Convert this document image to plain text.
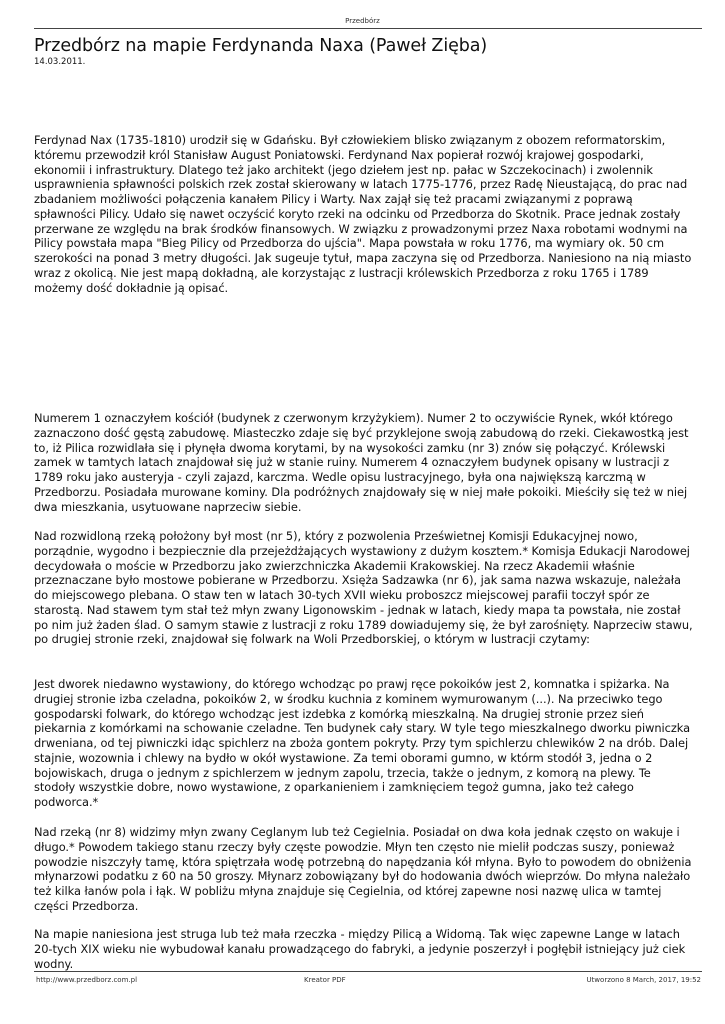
Przedbórz
Przedbórz na mapie Ferdynanda Naxa (Paweł Zięba)
14.03.2011.

Ferdynad Nax (1735-1810) urodził się w Gdańsku. Był człowiekiem blisko związanym z obozem reformatorskim, któremu przewodził król Stanisław August Poniatowski. Ferdynand Nax popierał rozwój krajowej gospodarki, ekonomii i infrastruktury. Dlatego też jako architekt (jego dziełem jest np. pałac w Szczekocinach) i zwolennik usprawnienia spławności polskich rzek został skierowany w latach 1775-1776, przez Radę Nieustającą, do prac nad zbadaniem możliwości połączenia kanałem Pilicy i Warty. Nax zajął się też pracami związanymi z poprawą spławności Pilicy. Udało się nawet oczyścić koryto rzeki na odcinku od Przedborza do Skotnik. Prace jednak zostały przerwane ze względu na brak środków finansowych. W związku z prowadzonymi przez Naxa robotami wodnymi na Pilicy powstała mapa "Bieg Pilicy od Przedborza do ujścia". Mapa powstała w roku 1776, ma wymiary ok. 50 cm szerokości na ponad 3 metry długości. Jak sugeuje tytuł, mapa zaczyna się od Przedborza. Naniesiono na nią miasto wraz z okolicą. Nie jest mapą dokładną, ale korzystając z lustracji królewskich Przedborza z roku 1765 i 1789 możemy dość dokładnie ją opisać.

Numerem 1 oznaczyłem kościół (budynek z czerwonym krzyżykiem). Numer 2 to oczywiście Rynek, wkół którego zaznaczono dość gęstą zabudowę. Miasteczko zdaje się być przyklejone swoją zabudową do rzeki. Ciekawostką jest to, iż Pilica rozwidlała się i płynęła dwoma korytami, by na wysokości zamku (nr 3) znów się połączyć. Królewski zamek w tamtych latach znajdował się już w stanie ruiny. Numerem 4 oznaczyłem budynek opisany w lustracji z 1789 roku jako austeryja - czyli zajazd, karczma. Wedle opisu lustracyjnego, była ona największą karczmą w Przedborzu. Posiadała murowane kominy. Dla podróżnych znajdowały się w niej małe pokoiki. Mieściły się też w niej dwa mieszkania, usytuowane naprzeciw siebie.

Nad rozwidloną rzeką położony był most (nr 5), który z pozwolenia Prześwietnej Komisji Edukacyjnej nowo, porządnie, wygodno i bezpiecznie dla przejeżdżających wystawiony z dużym kosztem.* Komisja Edukacji Narodowej decydowała o moście w Przedborzu jako zwierzchniczka Akademii Krakowskiej. Na rzecz Akademii właśnie przeznaczane było mostowe pobierane w Przedborzu. Xsięża Sadzawka (nr 6), jak sama nazwa wskazuje, należała do miejscowego plebana. O staw ten w latach 30-tych XVII wieku proboszcz miejscowej parafii toczył spór ze starostą. Nad stawem tym stał też młyn zwany Ligonowskim - jednak w latach, kiedy mapa ta powstała, nie został po nim już żaden ślad. O samym stawie z lustracji z roku 1789 dowiadujemy się, że był zarośnięty. Naprzeciw stawu, po drugiej stronie rzeki, znajdował się folwark na Woli Przedborskiej, o którym w lustracji czytamy:

Jest dworek niedawno wystawiony, do którego wchodząc po prawj ręce pokoików jest 2, komnatka i spiżarka. Na drugiej stronie izba czeladna, pokoików 2, w środku kuchnia z kominem wymurowanym (...). Na przeciwko tego gospodarski folwark, do którego wchodząc jest izdebka z komórką mieszkalną. Na drugiej stronie przez sień piekarnia z komórkami na schowanie czeladne. Ten budynek cały stary. W tyle tego mieszkalnego dworku piwniczka drweniana, od tej piwniczki idąc spichlerz na zboża gontem pokryty. Przy tym spichlerzu chlewików 2 na drób. Dalej stajnie, wozownia i chlewy na bydło w okół wystawione. Za temi oborami gumno, w którm stodół 3, jedna o 2 bojowiskach, druga o jednym z spichlerzem w jednym zapolu, trzecia, także o jednym, z komorą na plewy. Te stodoły wszystkie dobre, nowo wystawione, z oparkanieniem i zamknięciem tegoż gumna, jako też całego podworca.*

Nad rzeką (nr 8) widzimy młyn zwany Ceglanym lub też Cegielnia. Posiadał on dwa koła jednak często on wakuje i długo.* Powodem takiego stanu rzeczy były częste powodzie. Młyn ten często nie mielił podczas suszy, ponieważ powodzie niszczyły tamę, która spiętrzała wodę potrzebną do napędzania kół młyna. Było to powodem do obniżenia młynarzowi podatku z 60 na 50 groszy. Młynarz zobowiązany był do hodowania dwóch wieprzów. Do młyna należało też kilka łanów pola i łąk. W pobliżu młyna znajduje się Cegielnia, od której zapewne nosi nazwę ulica w tamtej części Przedborza.

Na mapie naniesiona jest struga lub też mała rzeczka - między Pilicą a Widomą. Tak więc zapewne Lange w latach 20-tych XIX wieku nie wybudował kanału prowadzącego do fabryki, a jedynie poszerzył i pogłębił istniejący już ciek wodny.

http://www.przedborz.com.pl	Kreator PDF	Utworzono 8 March, 2017, 19:52
